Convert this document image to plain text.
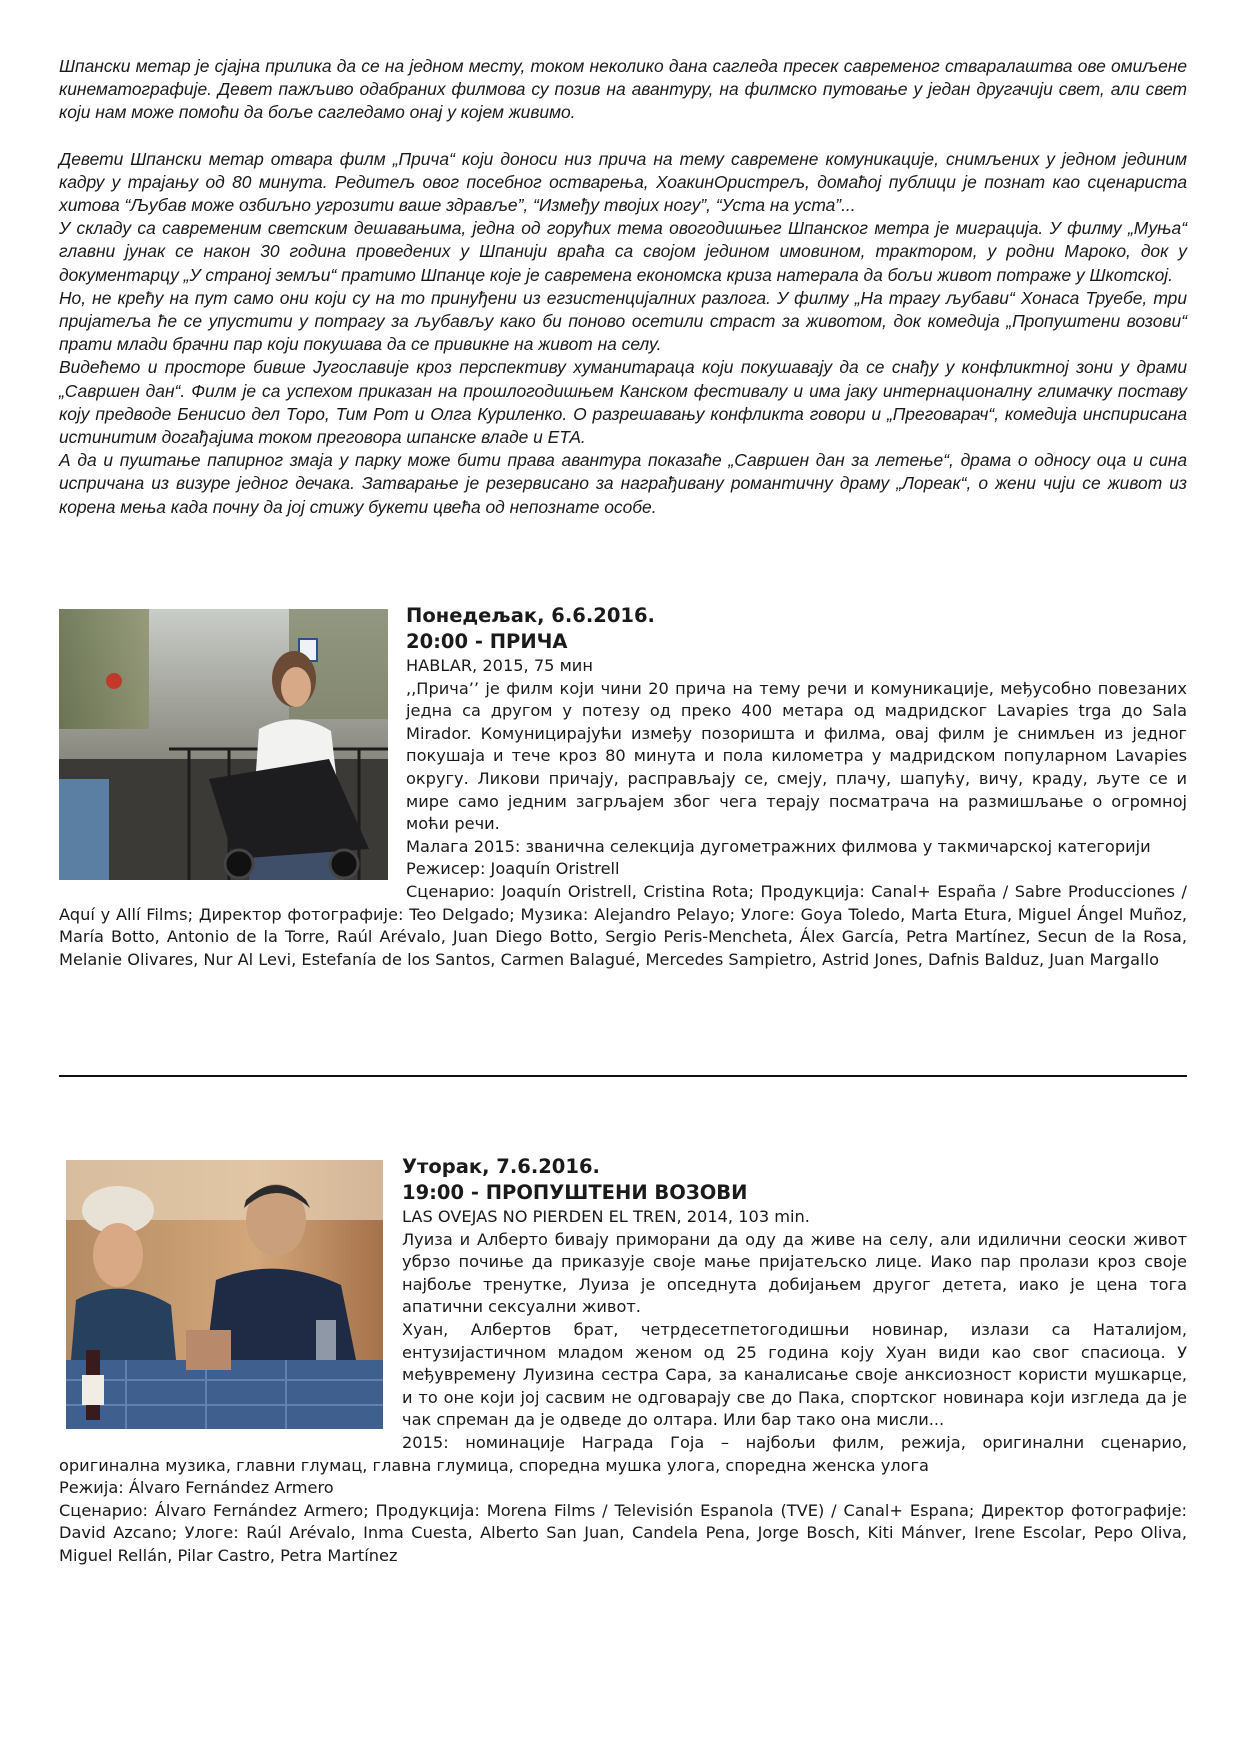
Шпански метар је сјајна прилика да се на једном месту, током неколико дана сагледа пресек савременог стваралаштва ове омиљене кинематографије. Девет пажљиво одабраних филмова су позив на авантуру, на филмско путовање у један другачији свет, али свет који нам може помоћи да боље сагледамо онај у којем живимо.

Девети Шпански метар отвара филм „Прича“ који доноси низ прича на тему савремене комуникације, снимљених у једном јединим кадру у трајању од 80 минута. Редитељ овог посебног остварења, ХоакинОристрељ, домаћој публици је познат као сценариста хитова “Љубав може озбиљно угрозити ваше здравље”, “Између твојих ногу”, “Уста на уста”...

У складу са савременим светским дешавањима, једна од горућих тема овогодишњег Шпанског метра је миграција. У филму „Муња“ главни јунак се након 30 година проведених у Шпанији враћа са својом једином имовином, трактором, у родни Мароко, док у документарцу „У страној земљи“ пратимо Шпанце које је савремена економска криза натерала да бољи живот потраже у Шкотској.

Но, не крећу на пут само они који су на то принуђени из егзистенцијалних разлога. У филму „На трагу љубави“ Хонаса Труебе, три пријатеља ће се упустити у потрагу за љубављу како би поново осетили страст за животом, док комедија „Пропуштени возови“ прати млади брачни пар који покушава да се привикне на живот на селу.

Видећемо и просторе бивше Југославије кроз перспективу хуманитараца који покушавају да се снађу у конфликтној зони у драми „Савршен дан“. Филм је са успехом приказан на прошлогодишњем Канском фестивалу и има јаку интернационалну глимачку поставу коју предводе Бенисио дел Торо, Тим Рот и Олга Куриленко. О разрешавању конфликта говори и „Преговарач“, комедија инспирисана истинитим догађајима током преговора шпанске владе и ЕТА.

А да и пуштање папирног змаја у парку може бити права авантура показаће „Савршен дан за летење“, драма о односу оца и сина испричана из визуре једног дечака. Затварање је резервисано за награђивану романтичну драму „Лореак“, о жени чији се живот из корена мења када почну да јој стижу букети цвећа од непознате особе.

Понедељак, 6.6.2016.

20:00 - ПРИЧА

HABLAR, 2015, 75 мин

,,Прича’’ је филм који чини 20 прича на тему речи и комуникације, међусобно повезаних једна са другом у потезу од преко 400 метара од мадридског Lavapies trga до Sala Mirador. Комуницирајући између позоришта и филма, овај филм је снимљен из једног покушаја и тече кроз 80 минута и пола километра у мадридском популарном Lavapies округу. Ликови причају, расправљају се, смеју, плачу, шапућу, вичу, краду, љуте се и мире само једним загрљајем због чега терају посматрача на размишљање о огромној моћи речи.

Малага 2015: званична селекција дугометражних филмова у такмичарској категорији

Режисер: Joaquín Oristrell

Сценарио: Joaquín Oristrell, Cristina Rota; Продукција: Canal+ España / Sabre Producciones / Aquí y Allí Films; Директор фотографије: Teo Delgado; Музика: Alejandro Pelayo; Улоге: Goya Toledo, Marta Etura, Miguel Ángel Muñoz, María Botto, Antonio de la Torre, Raúl Arévalo, Juan Diego Botto, Sergio Peris-Mencheta, Álex García, Petra Martínez, Secun de la Rosa, Melanie Olivares, Nur Al Levi, Estefanía de los Santos, Carmen Balagué, Mercedes Sampietro, Astrid Jones, Dafnis Balduz, Juan Margallo

Уторак, 7.6.2016.

19:00 - ПРОПУШТЕНИ ВОЗОВИ

LAS OVEJAS NO PIERDEN EL TREN, 2014, 103 min.

Луиза и Алберто бивају приморани да оду да живе на селу, али идилични сеоски живот убрзо почиње да приказује своје мање пријатељско лице. Иако пар пролази кроз своје најбоље тренутке, Луиза је опседнута добијањем другог детета, иако је цена тога апатични сексуални живот.

Хуан, Албертов брат, четрдесетпетогодишњи новинар, излази са Наталијом, ентузијастичном младом женом од 25 година коју Хуан види као свог спасиоца. У међувремену Луизина сестра Сара, за каналисање своје анксиозност користи мушкарце, и то оне који јој сасвим не одговарају све до Пака, спортског новинара који изгледа да је чак спреман да је одведе до олтара. Или бар тако она мисли...

2015: номинације Награда Гоја – најбољи филм, режија, оригинални сценарио, оригинална музика, главни глумац, главна глумица, споредна мушка улога, споредна женска улога

Режија: Álvaro Fernández Armero

Сценарио: Álvaro Fernández Armero; Продукција: Morena Films / Televisión Espanola (TVE) / Canal+ Espana; Директор фотографије: David Azcano; Улоге: Raúl Arévalo, Inma Cuesta, Alberto San Juan, Candela Pena, Jorge Bosch, Kiti Mánver, Irene Escolar, Pepo Oliva, Miguel Rellán, Pilar Castro, Petra Martínez
